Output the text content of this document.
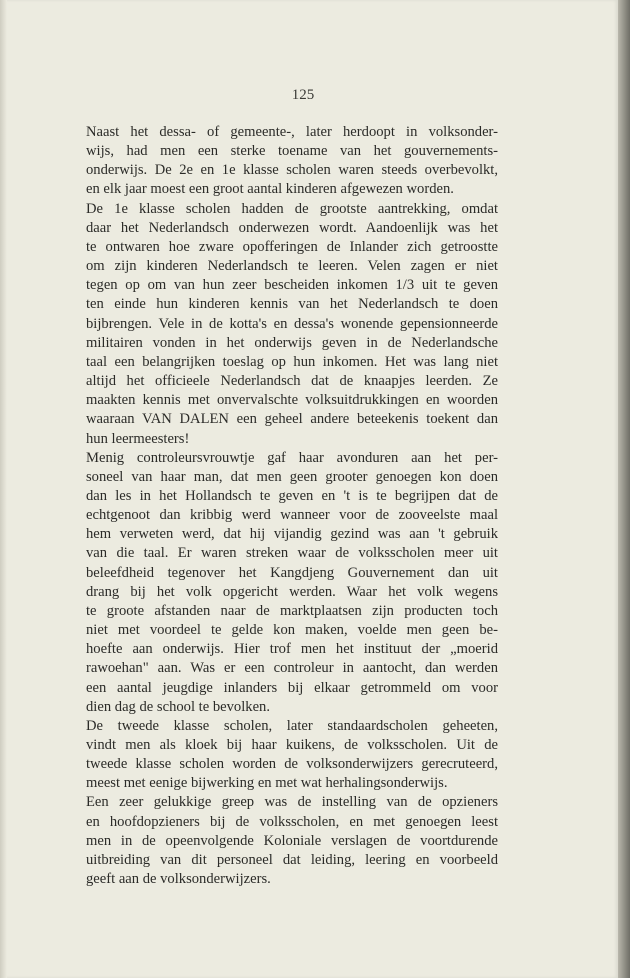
125

Naast het dessa- of gemeente-, later herdoopt in volksonder-
wijs, had men een sterke toename van het gouvernements-
onderwijs. De 2e en 1e klasse scholen waren steeds overbevolkt,
en elk jaar moest een groot aantal kinderen afgewezen worden.

De 1e klasse scholen hadden de grootste aantrekking, omdat
daar het Nederlandsch onderwezen wordt. Aandoenlijk was het
te ontwaren hoe zware opofferingen de Inlander zich getroostte
om zijn kinderen Nederlandsch te leeren. Velen zagen er niet
tegen op om van hun zeer bescheiden inkomen 1/3 uit te geven
ten einde hun kinderen kennis van het Nederlandsch te doen
bijbrengen. Vele in de kotta's en dessa's wonende gepensionneerde
militairen vonden in het onderwijs geven in de Nederlandsche
taal een belangrijken toeslag op hun inkomen. Het was lang niet
altijd het officieele Nederlandsch dat de knaapjes leerden. Ze
maakten kennis met onvervalschte volksuitdrukkingen en woorden
waaraan VAN DALEN een geheel andere beteekenis toekent dan
hun leermeesters!

Menig controleursvrouwtje gaf haar avonduren aan het per-
soneel van haar man, dat men geen grooter genoegen kon doen
dan les in het Hollandsch te geven en 't is te begrijpen dat de
echtgenoot dan kribbig werd wanneer voor de zooveelste maal
hem verweten werd, dat hij vijandig gezind was aan 't gebruik
van die taal. Er waren streken waar de volksscholen meer uit
beleefdheid tegenover het Kangdjeng Gouvernement dan uit
drang bij het volk opgericht werden. Waar het volk wegens
te groote afstanden naar de marktplaatsen zijn producten toch
niet met voordeel te gelde kon maken, voelde men geen be-
hoefte aan onderwijs. Hier trof men het instituut der „moerid
rawoehan" aan. Was er een controleur in aantocht, dan werden
een aantal jeugdige inlanders bij elkaar getrommeld om voor
dien dag de school te bevolken.

De tweede klasse scholen, later standaardscholen geheeten,
vindt men als kloek bij haar kuikens, de volksscholen. Uit de
tweede klasse scholen worden de volksonderwijzers gerecruteerd,
meest met eenige bijwerking en met wat herhalingsonderwijs.

Een zeer gelukkige greep was de instelling van de opzieners
en hoofdopzieners bij de volksscholen, en met genoegen leest
men in de opeenvolgende Koloniale verslagen de voortdurende
uitbreiding van dit personeel dat leiding, leering en voorbeeld
geeft aan de volksonderwijzers.
